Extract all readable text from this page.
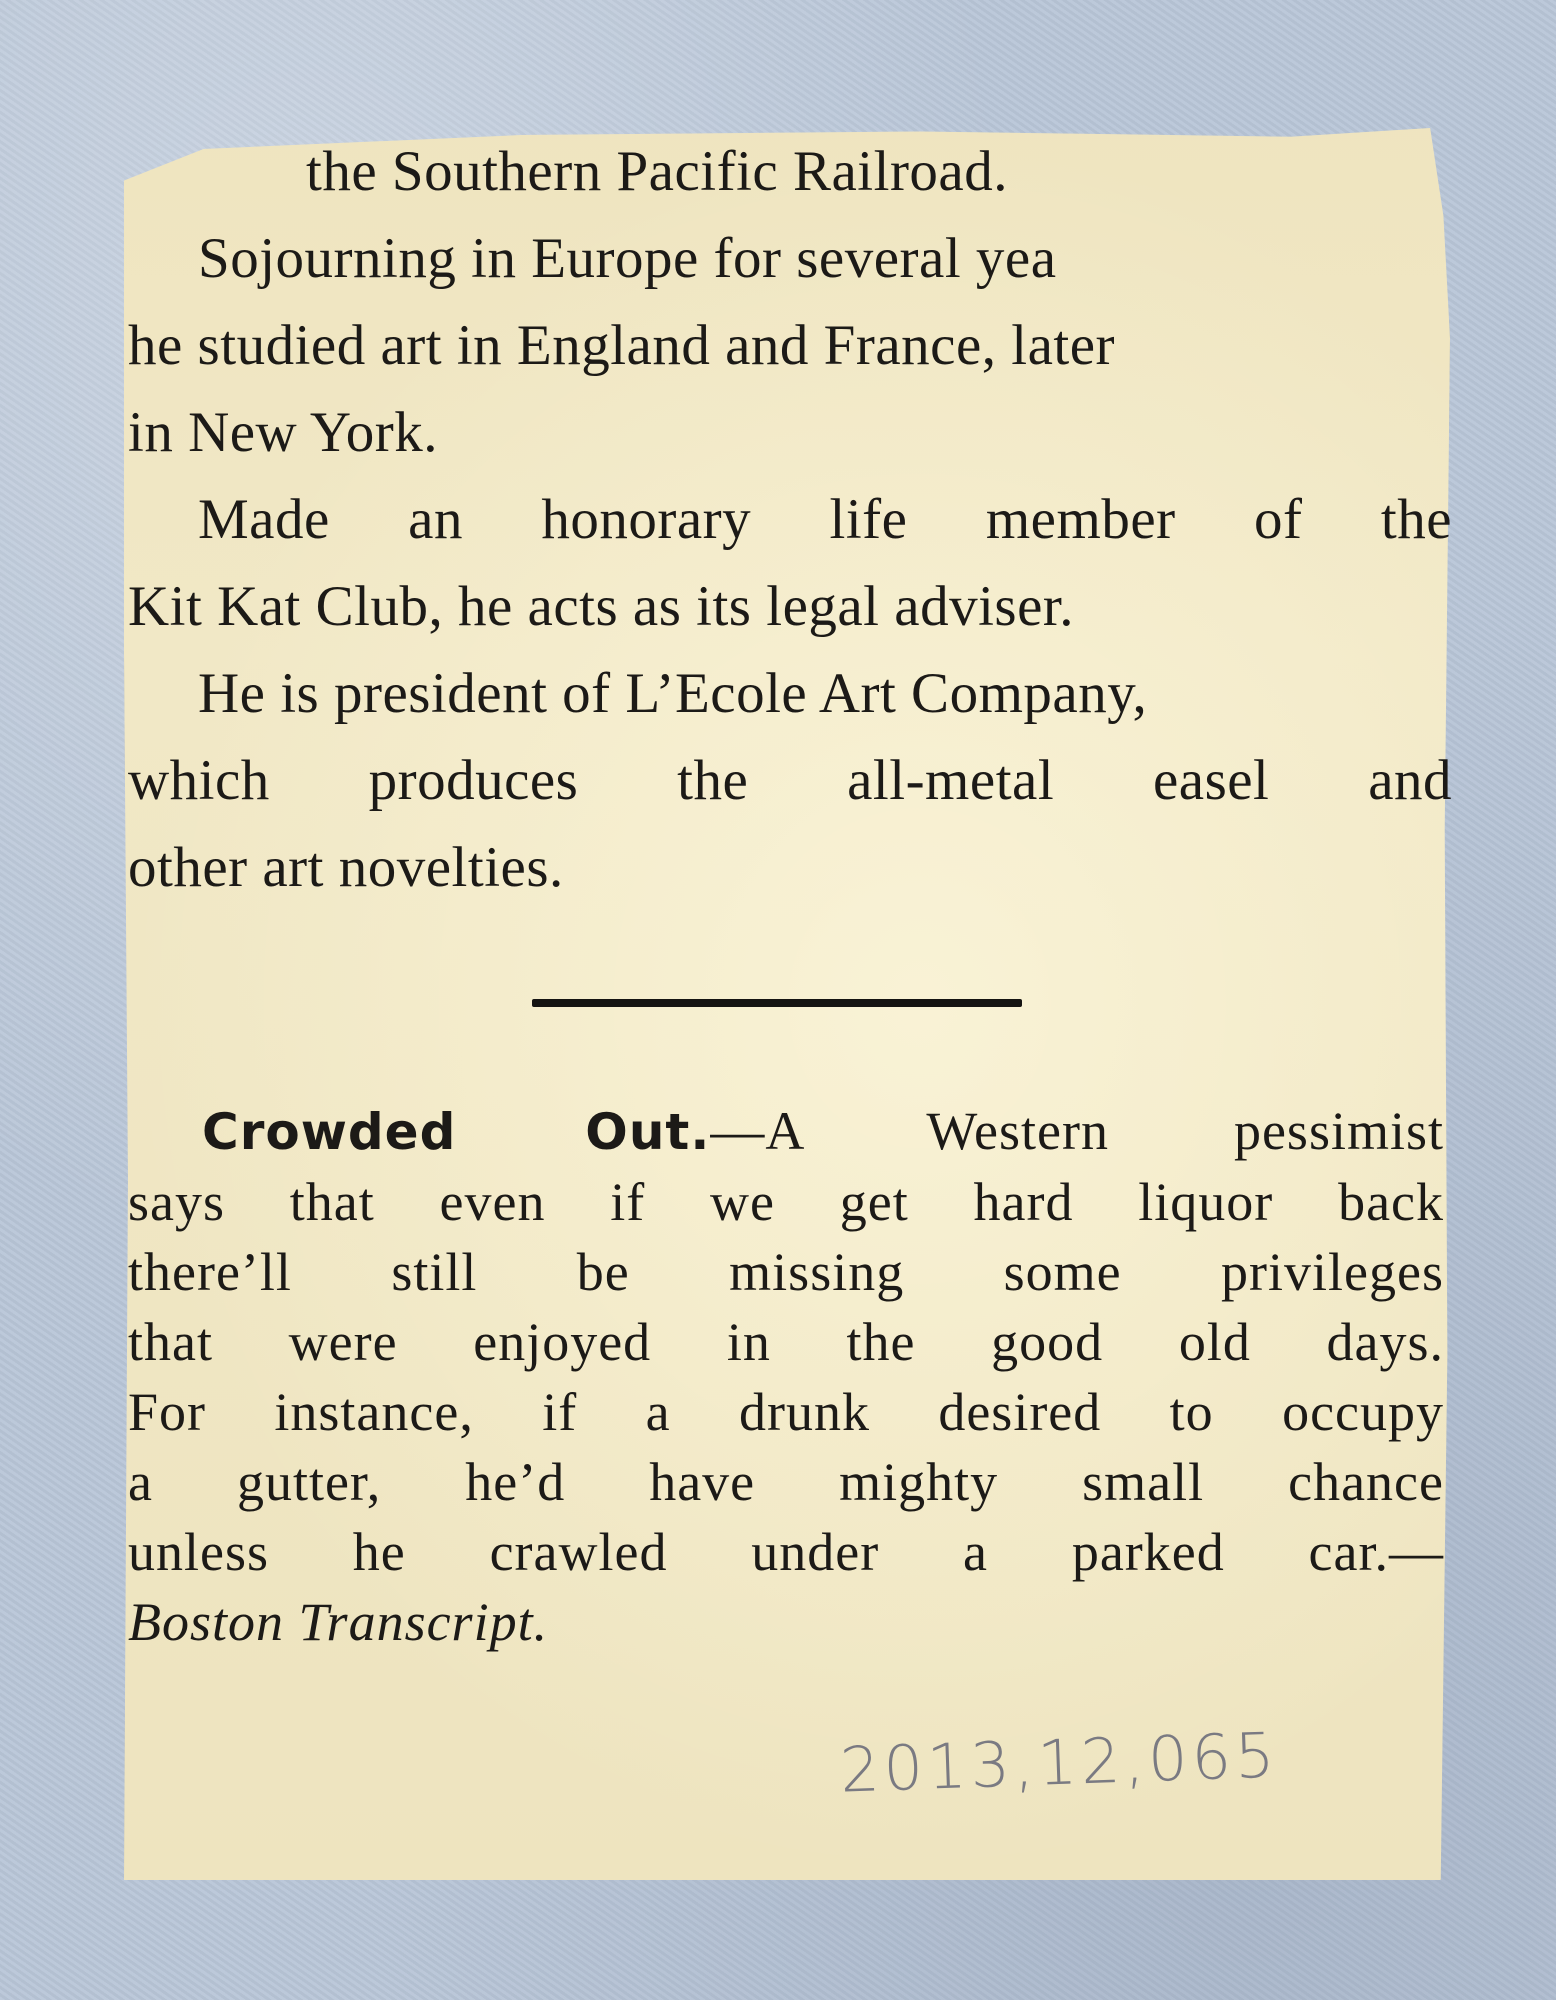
the Southern Pacific Railroad.
Sojourning in Europe for several yea
he studied art in England and France, later
in New York.
Made an honorary life member of the
Kit Kat Club, he acts as its legal adviser.
He is president of L’Ecole Art Company,
which produces the all-metal easel and
other art novelties.
Crowded Out.—A Western pessimist
says that even if we get hard liquor back
there’ll still be missing some privileges
that were enjoyed in the good old days.
For instance, if a drunk desired to occupy
a gutter, he’d have mighty small chance
unless he crawled under a parked car.—
Boston Transcript.
2013,12,065
